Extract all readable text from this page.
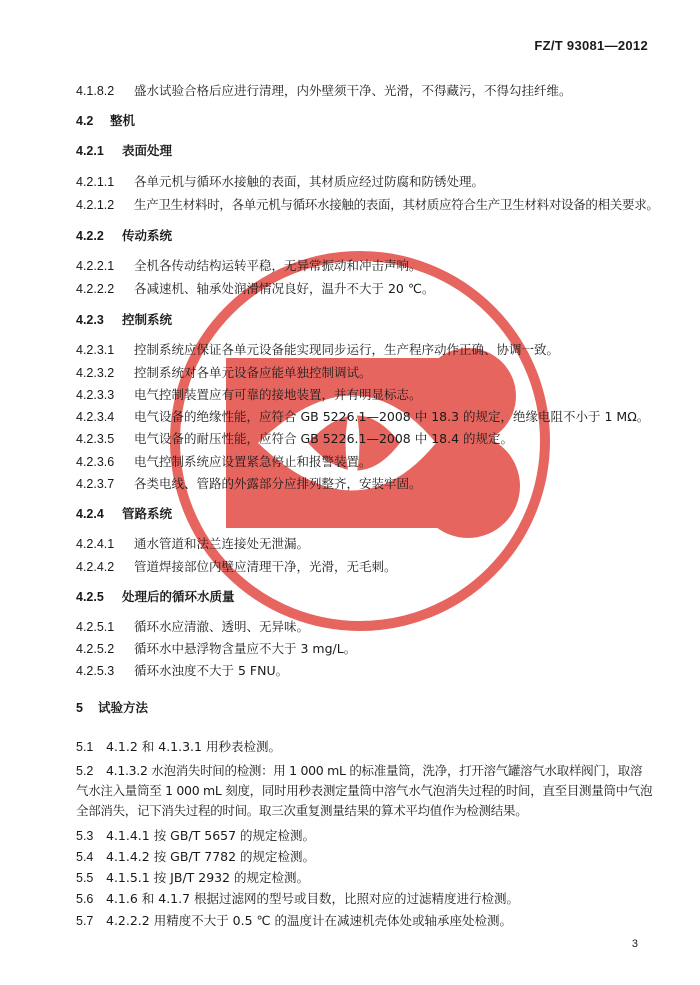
FZ/T 93081—2012
4.1.8.2 盛水试验合格后应进行清理，内外壁须干净、光滑，不得藏污，不得勾挂纤维。
4.2 整机
4.2.1 表面处理
4.2.1.1 各单元机与循环水接触的表面，其材质应经过防腐和防锈处理。
4.2.1.2 生产卫生材料时，各单元机与循环水接触的表面，其材质应符合生产卫生材料对设备的相关要求。
4.2.2 传动系统
4.2.2.1 全机各传动结构运转平稳，无异常振动和冲击声响。
4.2.2.2 各减速机、轴承处润滑情况良好，温升不大于 20 ℃。
4.2.3 控制系统
4.2.3.1 控制系统应保证各单元设备能实现同步运行，生产程序动作正确、协调一致。
4.2.3.2 控制系统对各单元设备应能单独控制调试。
4.2.3.3 电气控制装置应有可靠的接地装置，并有明显标志。
4.2.3.4 电气设备的绝缘性能，应符合 GB 5226.1—2008 中 18.3 的规定，绝缘电阻不小于 1 MΩ。
4.2.3.5 电气设备的耐压性能，应符合 GB 5226.1—2008 中 18.4 的规定。
4.2.3.6 电气控制系统应设置紧急停止和报警装置。
4.2.3.7 各类电线、管路的外露部分应排列整齐，安装牢固。
4.2.4 管路系统
4.2.4.1 通水管道和法兰连接处无泄漏。
4.2.4.2 管道焊接部位内壁应清理干净，光滑，无毛刺。
4.2.5 处理后的循环水质量
4.2.5.1 循环水应清澈、透明、无异味。
4.2.5.2 循环水中悬浮物含量应不大于 3 mg/L。
4.2.5.3 循环水浊度不大于 5 FNU。
5 试验方法
5.1 4.1.2 和 4.1.3.1 用秒表检测。
5.2 4.1.3.2 水泡消失时间的检测：用 1 000 mL 的标准量筒，洗净，打开溶气罐溶气水取样阀门，取溶气水注入量筒至 1 000 mL 刻度，同时用秒表测定量筒中溶气水气泡消失过程的时间，直至目测量筒中气泡全部消失，记下消失过程的时间。取三次重复测量结果的算术平均值作为检测结果。
5.3 4.1.4.1 按 GB/T 5657 的规定检测。
5.4 4.1.4.2 按 GB/T 7782 的规定检测。
5.5 4.1.5.1 按 JB/T 2932 的规定检测。
5.6 4.1.6 和 4.1.7 根据过滤网的型号或目数，比照对应的过滤精度进行检测。
5.7 4.2.2.2 用精度不大于 0.5 ℃ 的温度计在减速机壳体处或轴承座处检测。
3
